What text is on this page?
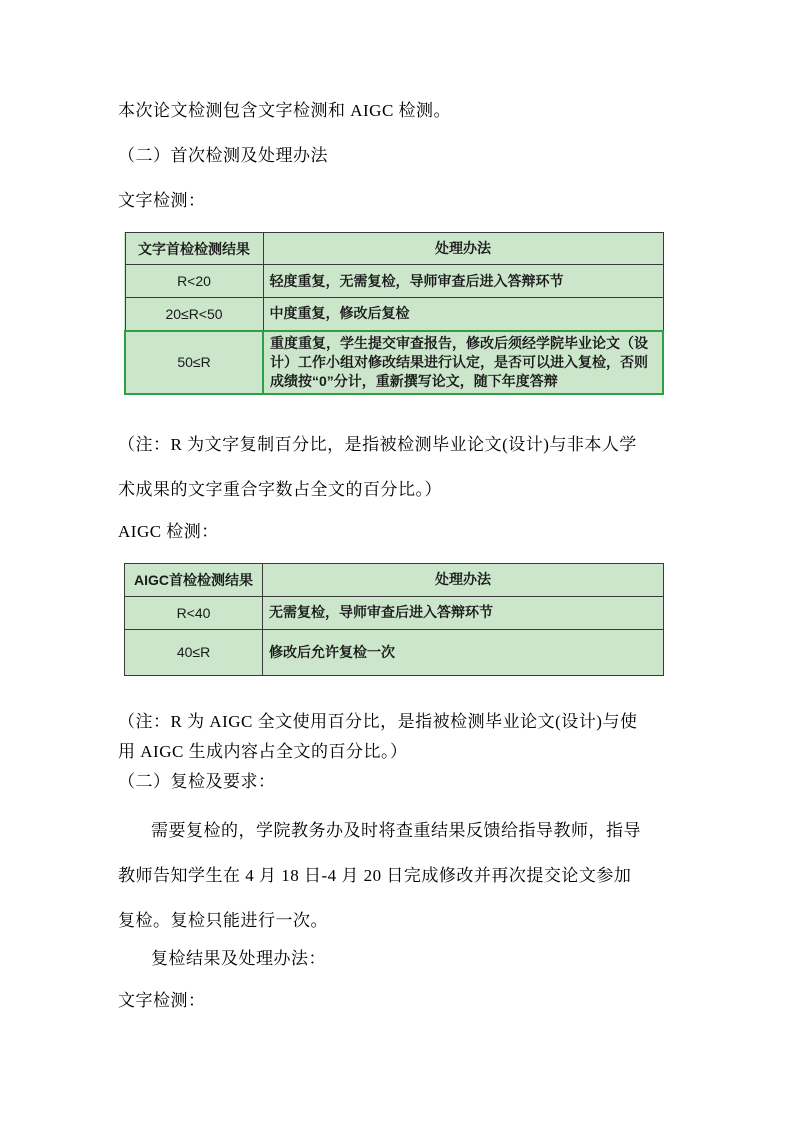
本次论文检测包含文字检测和 AIGC 检测。
（二）首次检测及处理办法
文字检测：
文字首检检测结果	处理办法
R<20	轻度重复，无需复检，导师审查后进入答辩环节
20≤R<50	中度重复，修改后复检
50≤R	重度重复，学生提交审查报告，修改后须经学院毕业论文（设计）工作小组对修改结果进行认定，是否可以进入复检，否则成绩按“0”分计，重新撰写论文，随下年度答辩
（注：R 为文字复制百分比，是指被检测毕业论文(设计)与非本人学
术成果的文字重合字数占全文的百分比。）
AIGC 检测：
AIGC首检检测结果	处理办法
R<40	无需复检，导师审查后进入答辩环节
40≤R	修改后允许复检一次
（注：R 为 AIGC 全文使用百分比，是指被检测毕业论文(设计)与使
用 AIGC 生成内容占全文的百分比。）
（二）复检及要求：
需要复检的，学院教务办及时将查重结果反馈给指导教师，指导
教师告知学生在 4 月 18 日-4 月 20 日完成修改并再次提交论文参加
复检。复检只能进行一次。
复检结果及处理办法：
文字检测：
